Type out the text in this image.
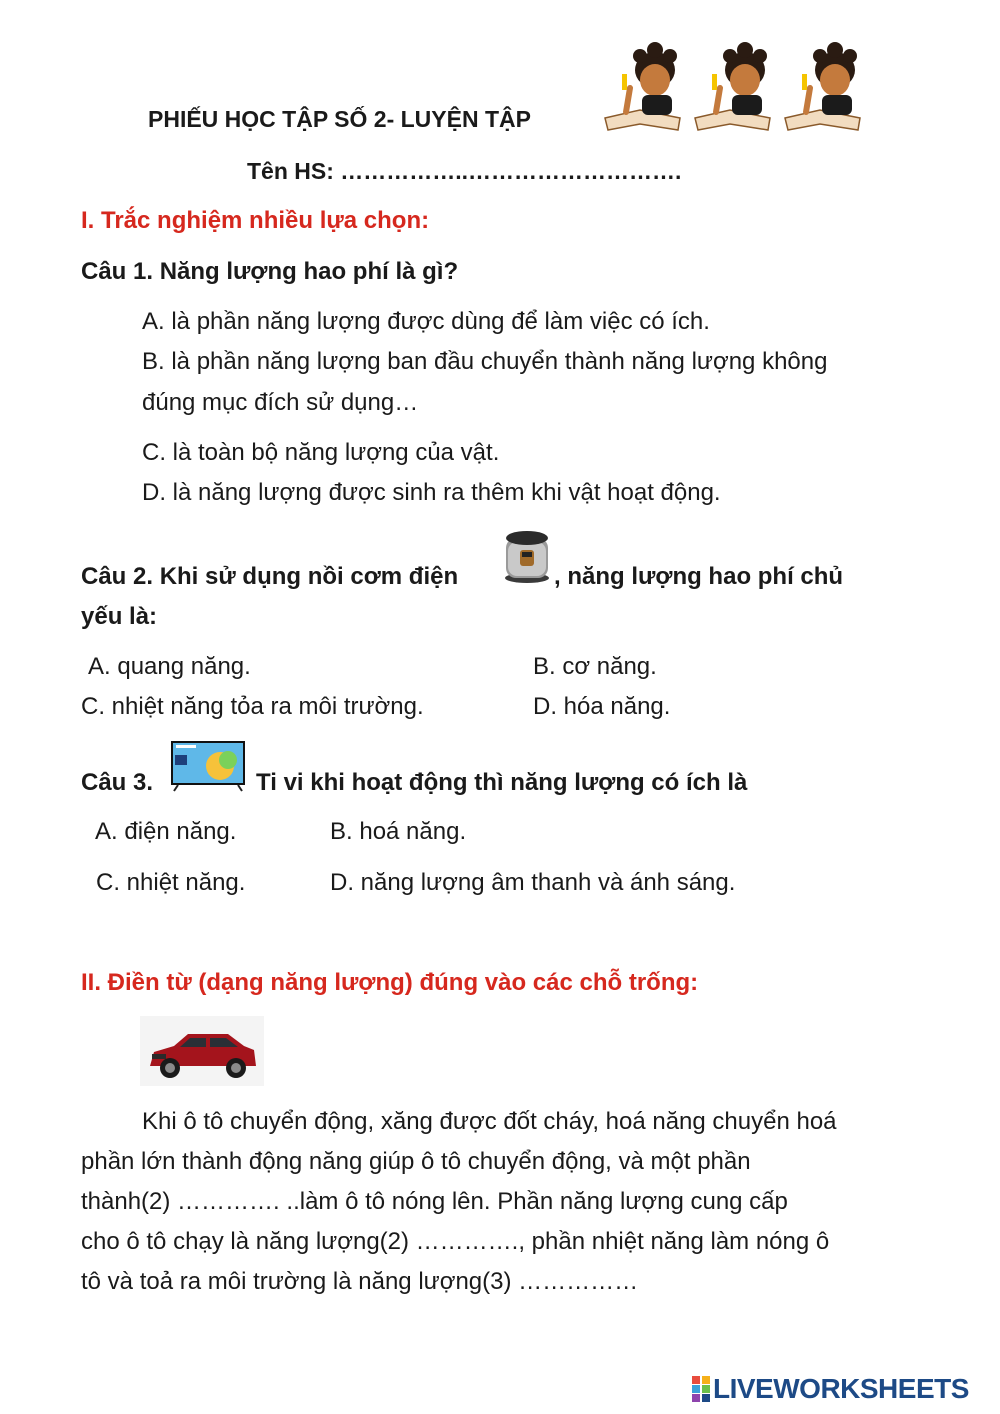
PHIẾU HỌC TẬP SỐ 2- LUYỆN TẬP
Tên HS: ……………..……………………….
I. Trắc nghiệm nhiều lựa chọn:
Câu 1. Năng lượng hao phí là gì?
A. là phần năng lượng được dùng để làm việc có ích.
B. là phần năng lượng ban đầu chuyển thành năng lượng không
đúng mục đích sử dụng…
C. là toàn bộ năng lượng của vật.
D. là năng lượng được sinh ra thêm khi vật hoạt động.
Câu 2. Khi sử dụng nồi cơm điện	, năng lượng hao phí chủ
yếu là:
A. quang năng.	B. cơ năng.
C. nhiệt năng tỏa ra môi trường.	D. hóa năng.
Câu 3.	Ti vi khi hoạt động thì năng lượng có ích là
A. điện năng.	B. hoá năng.
C. nhiệt năng.	D. năng lượng âm thanh và ánh sáng.
II. Điền từ (dạng năng lượng) đúng vào các chỗ trống:
Khi ô tô chuyển động, xăng được đốt cháy, hoá năng chuyển hoá
phần lớn thành động năng giúp ô tô chuyển động, và một phần
thành(2) …………. ..làm ô tô nóng lên. Phần năng lượng cung cấp
cho ô tô chạy là năng lượng(2) …………., phần nhiệt năng làm nóng ô
tô và toả ra môi trường là năng lượng(3) ……………
LIVEWORKSHEETS
